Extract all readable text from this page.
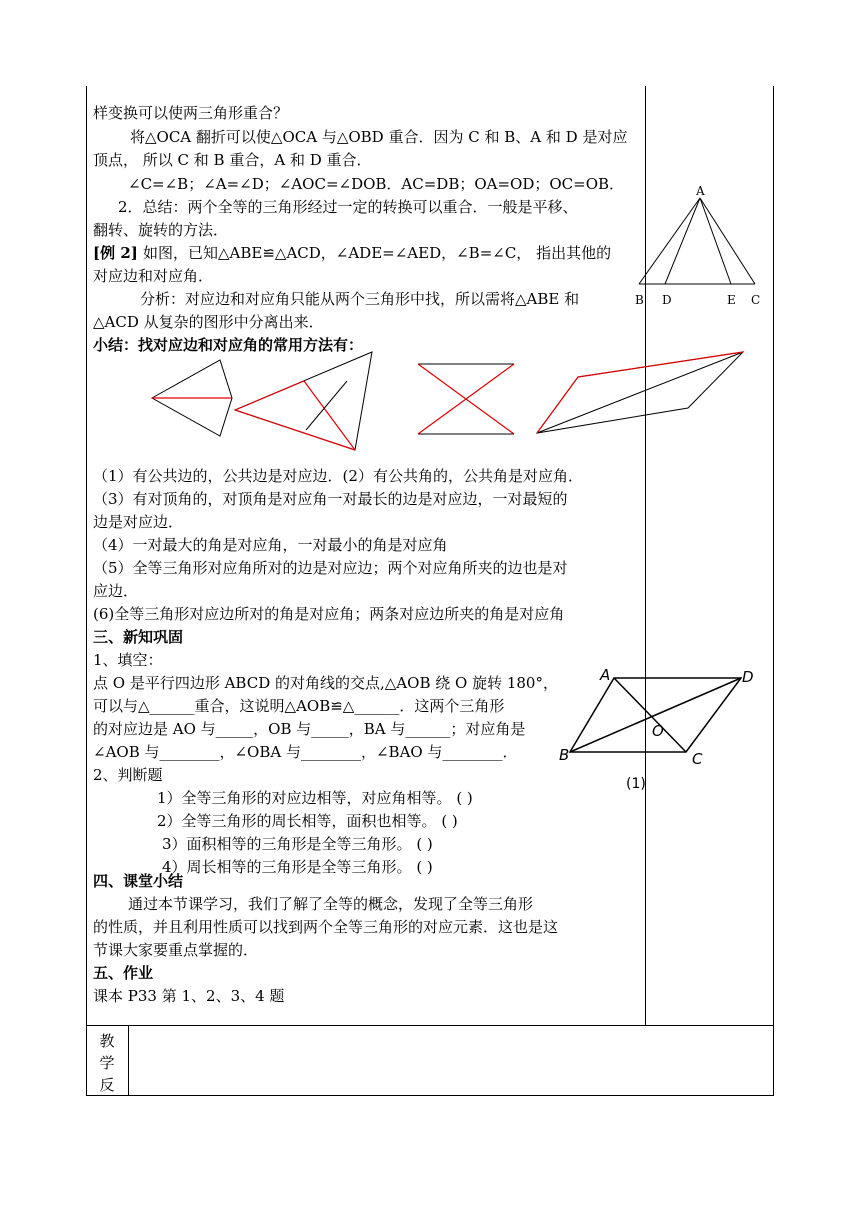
样变换可以使两三角形重合？
将△OCA 翻折可以使△OCA 与△OBD 重合．因为 C 和 B、A 和 D 是对应
顶点， 所以 C 和 B 重合，A 和 D 重合．
∠C=∠B；∠A=∠D；∠AOC=∠DOB．AC=DB；OA=OD；OC=OB．
2．总结：两个全等的三角形经过一定的转换可以重合．一般是平移、
翻转、旋转的方法．
[例 2] 如图，已知△ABE≌△ACD，∠ADE=∠AED，∠B=∠C， 指出其他的
对应边和对应角．
分析：对应边和对应角只能从两个三角形中找，所以需将△ABE 和
△ACD 从复杂的图形中分离出来．
小结：找对应边和对应角的常用方法有：
A
B D	E C
（1）有公共边的，公共边是对应边．(2）有公共角的，公共角是对应角．
（3）有对顶角的，对顶角是对应角一对最长的边是对应边，一对最短的
边是对应边．
（4）一对最大的角是对应角，一对最小的角是对应角
（5）全等三角形对应角所对的边是对应边；两个对应角所夹的边也是对
应边．
(6)全等三角形对应边所对的角是对应角；两条对应边所夹的角是对应角
三、新知巩固
1、填空：
点 O 是平行四边形 ABCD 的对角线的交点,△AOB 绕 O 旋转 180°，
可以与△______重合，这说明△AOB≌△______．这两个三角形
的对应边是 AO 与_____，OB 与_____，BA 与______；对应角是
∠AOB 与________，∠OBA 与________，∠BAO 与________．
2、判断题
1）全等三角形的对应边相等，对应角相等。 ( )
2）全等三角形的周长相等，面积也相等。 ( )
3）面积相等的三角形是全等三角形。 ( )
4）周长相等的三角形是全等三角形。 ( )
A	D
O
B	C
(1)
四、课堂小结
通过本节课学习，我们了解了全等的概念，发现了全等三角形
的性质，并且利用性质可以找到两个全等三角形的对应元素．这也是这
节课大家要重点掌握的．
五、作业
课本 P33 第 1、2、3、4 题
教
学
反
